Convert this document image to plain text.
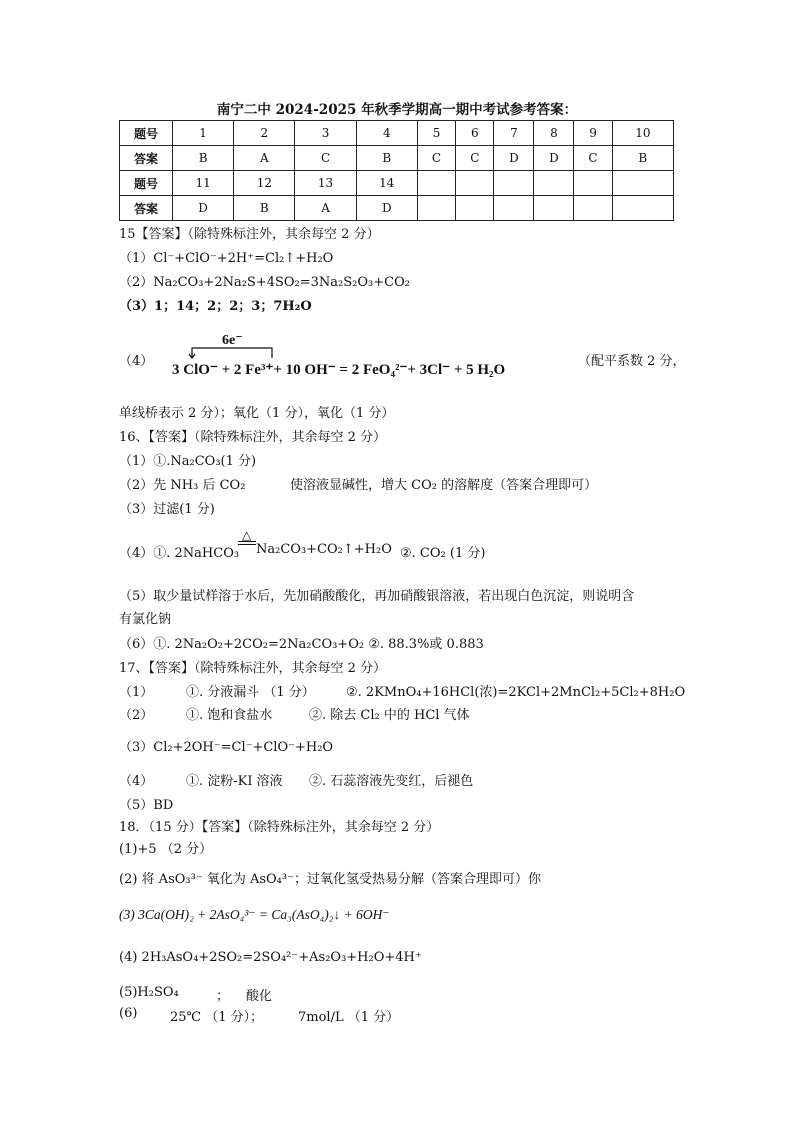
南宁二中 2024-2025 年秋季学期高一期中考试参考答案：
题号	1	2	3	4	5	6	7	8	9	10
答案	B	A	C	B	C	C	D	D	C	B
题号	11	12	13	14						
答案	D	B	A	D						
15【答案】（除特殊标注外，其余每空 2 分）
（1）Cl⁻+ClO⁻+2H⁺=Cl₂↑+H₂O
（2）Na₂CO₃+2Na₂S+4SO₂=3Na₂S₂O₃+CO₂
（3）1；14；2；2；3；7H₂O
（4）
6e⁻
3 ClO⁻ + 2 Fe³⁺+ 10 OH⁻ = 2 FeO₄²⁻+ 3Cl⁻ + 5 H₂O
（配平系数 2 分，
单线桥表示 2 分）；氧化（1 分），氧化（1 分）
16、【答案】（除特殊标注外，其余每空 2 分）
（1）①.Na₂CO₃(1 分)
（2）先 NH₃ 后 CO₂	使溶液显碱性，增大 CO₂ 的溶解度（答案合理即可）
（3）过滤(1 分)
（4）①. 2NaHCO₃
△
Na₂CO₃+CO₂↑+H₂O ②. CO₂ (1 分)
（5）取少量试样溶于水后，先加硝酸酸化，再加硝酸银溶液，若出现白色沉淀，则说明含
有氯化钠
（6）①. 2Na₂O₂+2CO₂=2Na₂CO₃+O₂ ②. 88.3%或 0.883
17、【答案】（除特殊标注外，其余每空 2 分）
（1）	①. 分液漏斗 （1 分） ②. 2KMnO₄+16HCl(浓)=2KCl+2MnCl₂+5Cl₂+8H₂O
（2）	①. 饱和食盐水	②. 除去 Cl₂ 中的 HCl 气体
（3）Cl₂+2OH⁻=Cl⁻+ClO⁻+H₂O
（4）	①. 淀粉-KI 溶液 ②. 石蕊溶液先变红，后褪色
（5）BD
18．（15 分）【答案】（除特殊标注外，其余每空 2 分）
(1)+5 （2 分）
(2) 将 AsO₃³⁻ 氧化为 AsO₄³⁻；过氧化氢受热易分解（答案合理即可）你
(3) 3Ca(OH)₂ + 2AsO₄³⁻ = Ca₃(AsO₄)₂↓ + 6OH⁻
(4) 2H₃AsO₄+2SO₂=2SO₄²⁻+As₂O₃+H₂O+4H⁺
(5)H₂SO₄	； 酸化
(6)	25℃ （1 分）；	7mol/L （1 分）
